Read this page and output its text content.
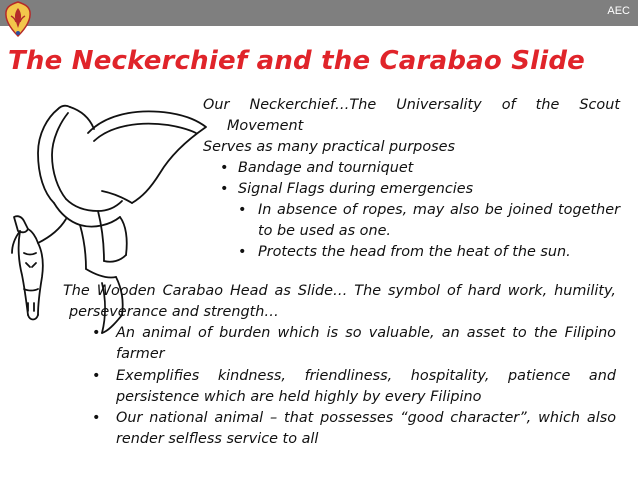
AEC
The Neckerchief and the Carabao Slide
Our Neckerchief…The Universality of the Scout Movement
Serves as many practical purposes
• Bandage and tourniquet
• Signal Flags during emergencies
• In absence of ropes, may also be joined together to be used as one.
• Protects the head from the heat of the sun.
The Wooden Carabao Head as Slide… The symbol of hard work, humility, perseverance and strength…
• An animal of burden which is so valuable, an asset to the Filipino farmer
• Exemplifies kindness, friendliness, hospitality, patience and persistence which are held highly by every Filipino
• Our national animal – that possesses “good character”, which also render selfless service to all
